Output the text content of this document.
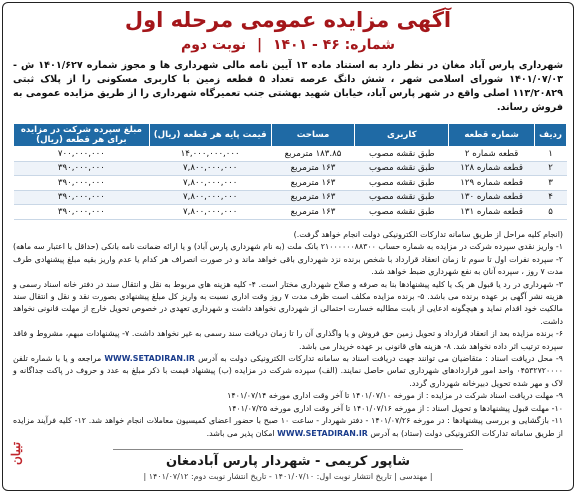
آگهی مزایده عمومی مرحله اول
شماره: ۴۶ - ۱۴۰۱ | نوبت دوم

شهرداری پارس آباد مغان در نظر دارد به استناد ماده ۱۳ آیین نامه مالی شهرداری ها و مجوز شماره ۱۴۰۱/۶۲۷ ش - ۱۴۰۱/۰۷/۰۳ شورای اسلامی شهر ، شش دانگ عرصه تعداد ۵ قطعه زمین با کاربری مسکونی را از پلاک ثبتی ۱۱۳/۲۰۸۲۹ اصلی واقع در شهر پارس آباد، خیابان شهید بهشتی جنب تعمیرگاه شهرداری را از طریق مزایده عمومی به فروش رساند.

ردیف	شماره قطعه	کاربری	مساحت	قیمت پایه هر قطعه (ریال)	مبلغ سپرده شرکت در مزایده برای هر قطعه (ریال)
۱	قطعه شماره ۲	طبق نقشه مصوب	۱۸۳.۸۵ مترمربع	۱۴,۰۰۰,۰۰۰,۰۰۰	۷۰۰,۰۰۰,۰۰۰
۲	قطعه شماره ۱۲۸	طبق نقشه مصوب	۱۶۳ مترمربع	۷,۸۰۰,۰۰۰,۰۰۰	۳۹۰,۰۰۰,۰۰۰
۳	قطعه شماره ۱۲۹	طبق نقشه مصوب	۱۶۳ مترمربع	۷,۸۰۰,۰۰۰,۰۰۰	۳۹۰,۰۰۰,۰۰۰
۴	قطعه شماره ۱۳۰	طبق نقشه مصوب	۱۶۳ مترمربع	۷,۸۰۰,۰۰۰,۰۰۰	۳۹۰,۰۰۰,۰۰۰
۵	قطعه شماره ۱۳۱	طبق نقشه مصوب	۱۶۳ مترمربع	۷,۸۰۰,۰۰۰,۰۰۰	۳۹۰,۰۰۰,۰۰۰

(انجام کلیه مراحل از طریق سامانه تدارکات الکترونیکی دولت انجام خواهد گرفت.)

۱- واریز نقدی سپرده شرکت در مزایده به شماره حساب ۲۱۰۰۰۰۰۰۸۸۳۰۰ بانک ملت (به نام شهرداری پارس آباد) و یا ارائه ضمانت نامه بانکی (حداقل با اعتبار سه ماهه) ۲- سپرده نفرات اول تا سوم تا زمان انعقاد قرارداد با شخص برنده نزد شهرداری باقی خواهد ماند و در صورت انصراف هر کدام یا عدم واریز بقیه مبلغ پیشنهادی طرف مدت ۷ روز ، سپرده آنان به نفع شهرداری ضبط خواهد شد.

۳- شهرداری در رد یا قبول هر یک یا کلیه پیشنهادها بنا به صرفه و صلاح شهرداری مختار است. ۴- کلیه هزینه های مربوط به نقل و انتقال سند در دفتر خانه اسناد رسمی و هزینه نشر آگهی بر عهده برنده می باشد. ۵- برنده مزایده مکلف است ظرف مدت ۷ روز وقت اداری نسبت به واریز کل مبلغ پیشنهادی بصورت نقد و نقل و انتقال سند مالکیت خود اقدام نماید و هیچگونه ادعایی از بابت مطالبه خسارت احتمالی از شهرداری نخواهد داشت و شهرداری تعهدی در خصوص تحویل خارج از مهلت قانونی نخواهد داشت.

۶- برنده مزایده بعد از انعقاد قرارداد و تحویل زمین حق فروش و یا واگذاری آن را تا زمان دریافت سند رسمی به غیر نخواهد داشت. ۷- پیشنهادات مبهم، مشروط و فاقد سپرده ترتیب اثر داده نخواهد شد. ۸- هزینه های قانونی بر عهده خریدار می باشد.

۹- محل دریافت اسناد : متقاضیان می توانند جهت دریافت اسناد به سامانه تدارکات الکترونیکی دولت به آدرس WWW.SETADIRAN.IR مراجعه و یا با شماره تلفن ۰۴۵۳۲۷۲۰۰۰۰ واحد امور قراردادهای شهرداری تماس حاصل نمایند. (الف) سپرده شرکت در مزایده (ب) پیشنهاد قیمت با ذکر مبلغ به عدد و حروف در پاکت جداگانه و لاک و مهر شده تحویل دبیرخانه شهرداری گردد.

۹- مهلت دریافت اسناد شرکت در مزایده : از مورخه ۱۴۰۱/۰۷/۱۰ تا آخر وقت اداری مورخه ۱۴۰۱/۰۷/۱۴

۱۰- مهلت قبول پیشنهادها و تحویل اسناد : از مورخه ۱۴۰۱/۰۷/۱۶ تا آخر وقت اداری مورخه ۱۴۰۱/۰۷/۲۵

۱۱- بازگشایی و بررسی پیشنهادها : در مورخه ۱۴۰۱/۰۷/۲۶ - دفتر شهردار - ساعت ۱۰ صبح با حضور اعضای کمیسیون معاملات انجام خواهد شد. ۱۲- کلیه فرآیند مزایده از طریق سامانه تدارکات الکترونیکی دولت (ستاد) به آدرس WWW.SETADIRAN.IR امکان پذیر می باشد.

شاپور کریمی - شهردار پارس آبادمغان
| مهندسی | تاریخ انتشار نوبت اول: ۱۴۰۱/۰۷/۱۰ - تاریخ انتشار نوبت دوم: ۱۴۰۱/۰۷/۱۲ |
تبیان
